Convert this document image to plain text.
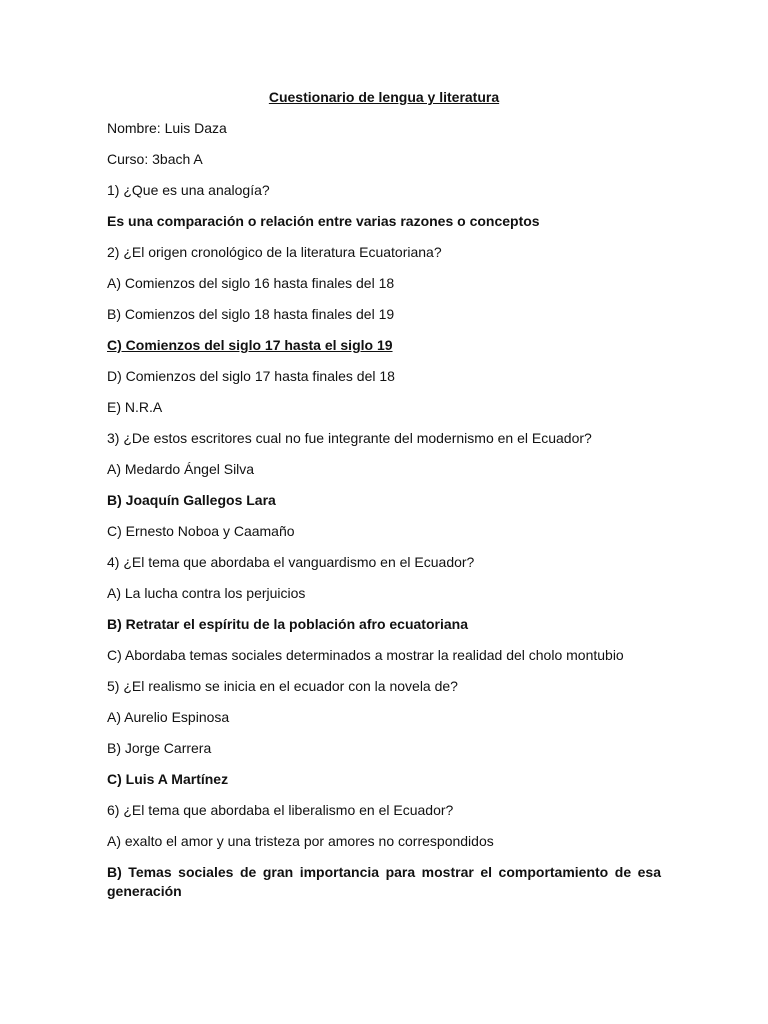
Cuestionario de lengua y literatura
Nombre: Luis Daza
Curso: 3bach A
1) ¿Que es una analogía?
Es una comparación o relación entre varias razones o conceptos
2) ¿El origen cronológico de la literatura Ecuatoriana?
A) Comienzos del siglo 16 hasta finales del 18
B) Comienzos del siglo 18 hasta finales del 19
C) Comienzos del siglo 17 hasta el siglo 19
D) Comienzos del siglo 17 hasta finales del 18
E) N.R.A
3) ¿De estos escritores cual no fue integrante del modernismo en el Ecuador?
A) Medardo Ángel Silva
B) Joaquín Gallegos Lara
C) Ernesto Noboa y Caamaño
4) ¿El tema que abordaba el vanguardismo en el Ecuador?
A) La lucha contra los perjuicios
B) Retratar el espíritu de la población afro ecuatoriana
C) Abordaba temas sociales determinados a mostrar la realidad del cholo montubio
5) ¿El realismo se inicia en el ecuador con la novela de?
A) Aurelio Espinosa
B) Jorge Carrera
C) Luis A Martínez
6) ¿El tema que abordaba el liberalismo en el Ecuador?
A) exalto el amor y una tristeza por amores no correspondidos
B) Temas sociales de gran importancia para mostrar el comportamiento de esa generación
